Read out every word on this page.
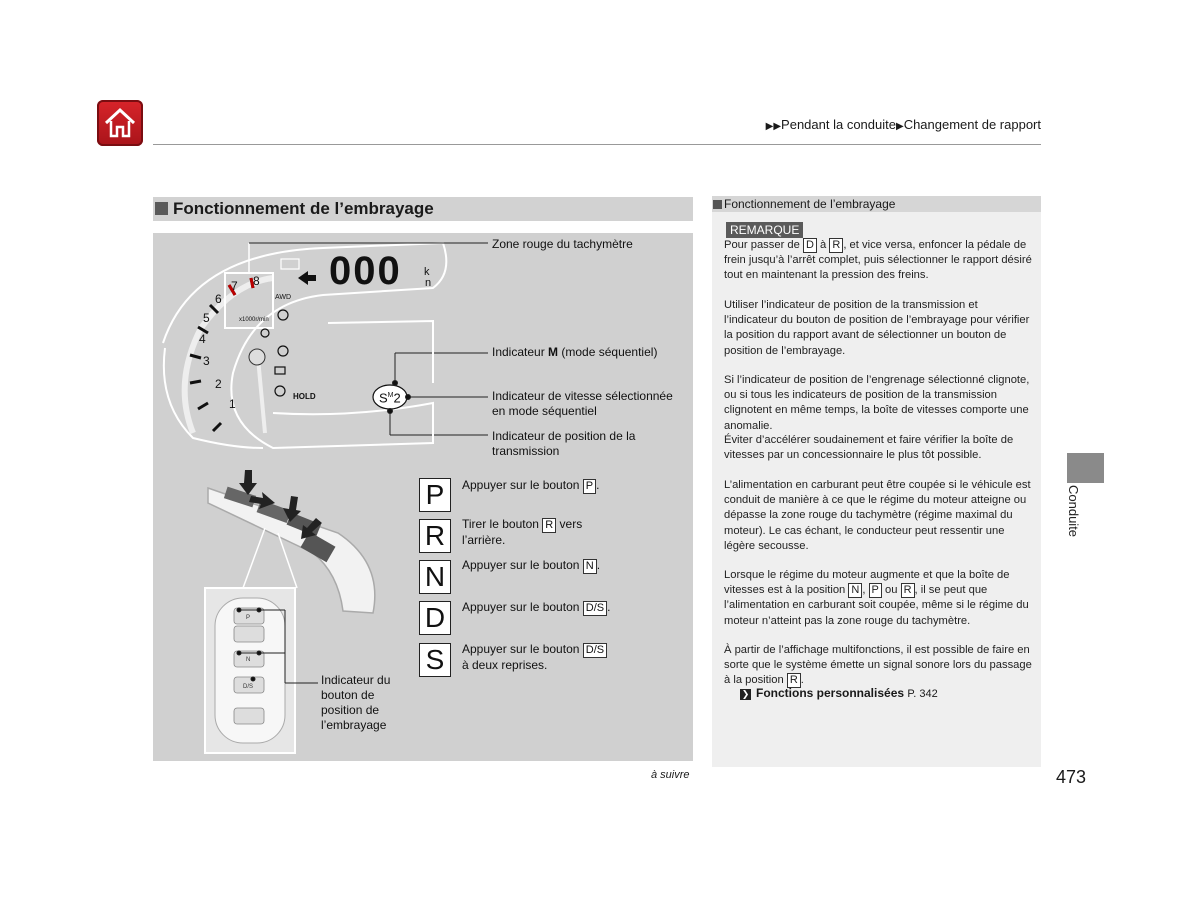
▶▶Pendant la conduite▶Changement de rapport
Fonctionnement de l’embrayage
1
2
3
4
5
6
7 8
x1000r/min
AWD
HOLD
P
N
D/S
000 k
n
$S^M2$
Zone rouge du tachymètre
Indicateur M (mode séquentiel)
Indicateur de vitesse sélectionnée
en mode séquentiel
Indicateur de position de la
transmission
Indicateur du
bouton de
position de
l’embrayage
P	Appuyer sur le bouton P .
R	Tirer le bouton R vers
l’arrière.
N	Appuyer sur le bouton N .
D	Appuyer sur le bouton D/S .
S	Appuyer sur le bouton D/S
à deux reprises.
Fonctionnement de l’embrayage
REMARQUE
Pour passer de D à R , et vice versa, enfoncer la pédale de frein jusqu’à l’arrêt complet, puis sélectionner le rapport désiré tout en maintenant la pression des freins.
Utiliser l’indicateur de position de la transmission et l’indicateur du bouton de position de l’embrayage pour vérifier la position du rapport avant de sélectionner un bouton de position de l’embrayage.
Si l’indicateur de position de l’engrenage sélectionné clignote, ou si tous les indicateurs de position de la transmission clignotent en même temps, la boîte de vitesses comporte une anomalie.
Éviter d’accélérer soudainement et faire vérifier la boîte de vitesses par un concessionnaire le plus tôt possible.
L’alimentation en carburant peut être coupée si le véhicule est conduit de manière à ce que le régime du moteur atteigne ou dépasse la zone rouge du tachymètre (régime maximal du moteur). Le cas échant, le conducteur peut ressentir une légère secousse.
Lorsque le régime du moteur augmente et que la boîte de vitesses est à la position N , P ou R , il se peut que l’alimentation en carburant soit coupée, même si le régime du moteur n’atteint pas la zone rouge du tachymètre.
À partir de l’affichage multifonctions, il est possible de faire en sorte que le système émette un signal sonore lors du passage à la position R .
❯ Fonctions personnalisées P. 342
Conduite
à suivre	473
